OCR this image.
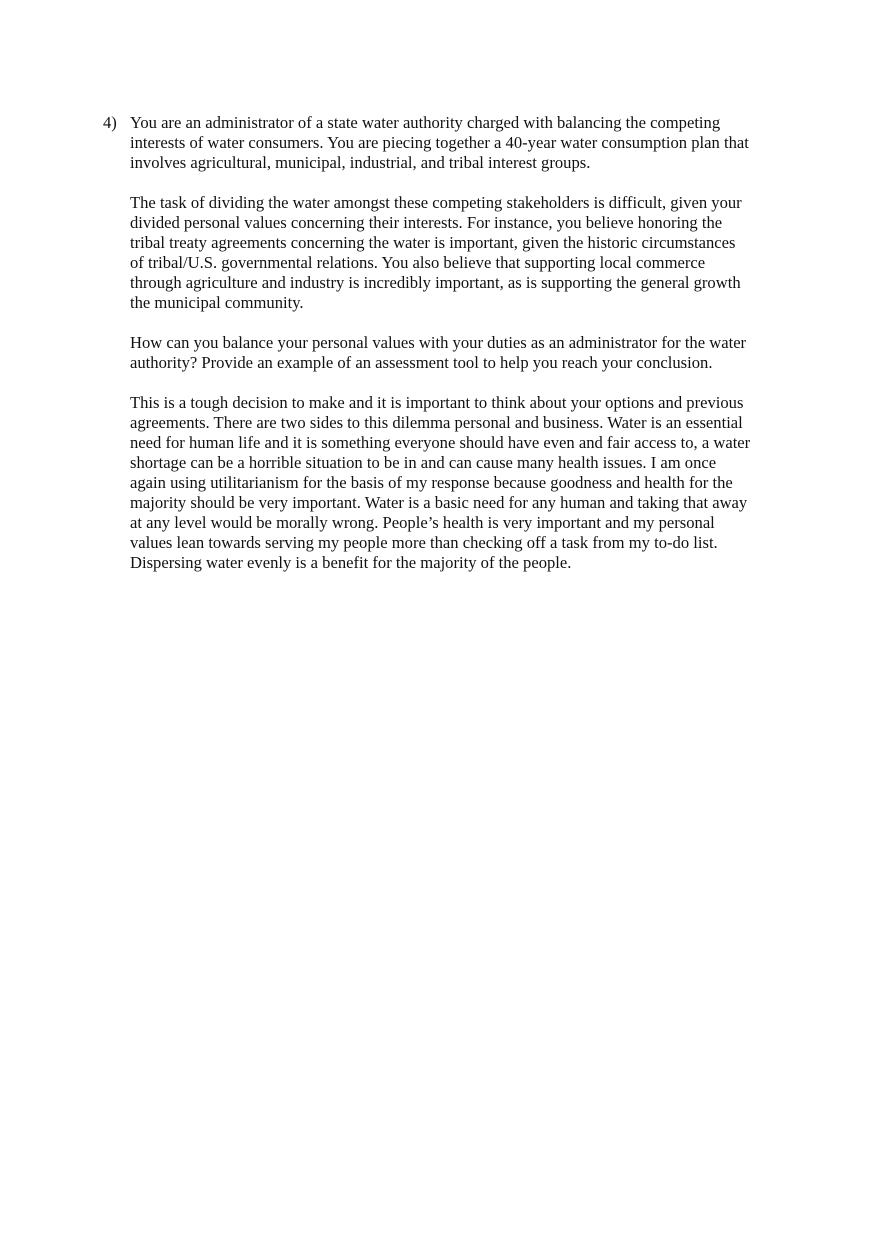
4) You are an administrator of a state water authority charged with balancing the competing
interests of water consumers. You are piecing together a 40-year water consumption plan that
involves agricultural, municipal, industrial, and tribal interest groups.

The task of dividing the water amongst these competing stakeholders is difficult, given your
divided personal values concerning their interests. For instance, you believe honoring the
tribal treaty agreements concerning the water is important, given the historic circumstances
of tribal/U.S. governmental relations. You also believe that supporting local commerce
through agriculture and industry is incredibly important, as is supporting the general growth
the municipal community.

How can you balance your personal values with your duties as an administrator for the water
authority? Provide an example of an assessment tool to help you reach your conclusion.

This is a tough decision to make and it is important to think about your options and previous
agreements. There are two sides to this dilemma personal and business. Water is an essential
need for human life and it is something everyone should have even and fair access to, a water
shortage can be a horrible situation to be in and can cause many health issues. I am once
again using utilitarianism for the basis of my response because goodness and health for the
majority should be very important. Water is a basic need for any human and taking that away
at any level would be morally wrong. People’s health is very important and my personal
values lean towards serving my people more than checking off a task from my to-do list.
Dispersing water evenly is a benefit for the majority of the people.
